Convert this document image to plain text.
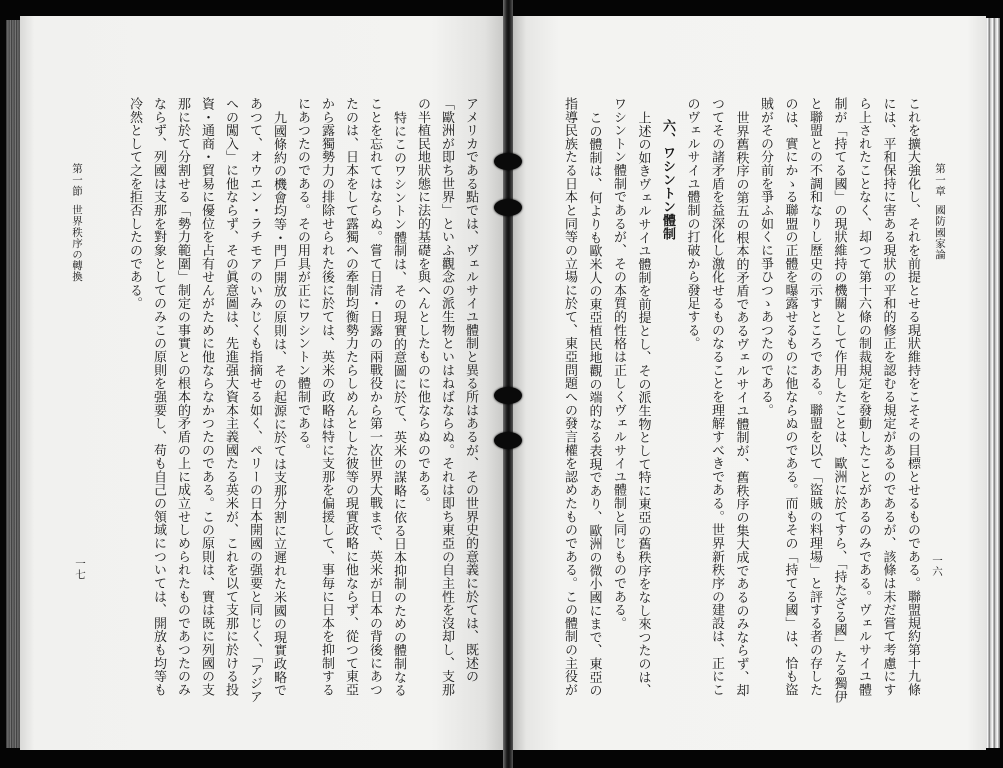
第一節世界秩序の轉換
一七	アメリカである點では、ヴェルサイユ體制と異る所はあるが、その世界史的意義に於ては、既述の
「歐洲が即ち世界」といふ觀念の派生物といはねばならぬ。それは即ち東亞の自主性を沒却し、支那
の半植民地狀態に法的基礎を與へんとしたものに他ならぬのである。
特にこのワシントン體制は、その現實的意圖に於て、英米の謀略に依る日本抑制のための體制なる
ことを忘れてはならぬ。嘗て日清・日露の兩戰役から第一次世界大戰まで、英米が日本の背後にあつ
たのは、日本をして露獨への牽制均衡勢力たらしめんとした彼等の現實政略に他ならず、從つて東亞
から露獨勢力の排除せられた後に於ては、英米の政略は特に支那を偏援して、事毎に日本を抑制する
にあつたのである。その用具が正にワシントン體制である。
九國條約の機會均等・門戶開放の原則は、その起源に於ては支那分割に立遲れた米國の現實政略で
あつて、オウエン・ラチモアのいみじくも指摘せる如く、ペリーの日本開國の强要と同じく、「アジア
への闖入」に他ならず、その眞意圖は、先進强大資本主義國たる英米が、これを以て支那に於ける投
資・通商・貿易に優位を占有せんがために他ならなかつたのである。この原則は、實は既に列國の支
那に於て分割せる「勢力範圍」制定の事實との根本的矛盾の上に成立せしめられたものであつたのみ
ならず、列國は支那を對象としてのみこの原則を强要し、苟も自己の領域については、開放も均等も
冷然として之を拒否したのである。	第一章國防國家論
一六
これを擴大強化し、それを前提とせる現狀維持をこそその目標とせるものである。聯盟規約第十九條
には、平和保持に害ある現狀の平和的修正を認むる規定があるのであるが、該條は未だ嘗て考慮にす
ら上されたことなく、却つて第十六條の制裁規定を發動したことがあるのみである。ヴェルサイユ體
制が「持てる國」の現狀維持の機關として作用したことは、歐洲に於てすら、「持たざる國」たる獨伊
と聯盟との不調和なりし歷史の示すところである。聯盟を以て「盜賊の料理場」と評する者の存した
のは、實にかゝる聯盟の正體を曝露せるものに他ならぬのである。而もその「持てる國」は、恰も盜
賊がその分前を爭ふ如くに爭ひつゝあつたのである。
世界舊秩序の第五の根本的矛盾であるヴェルサイユ體制が、舊秩序の集大成であるのみならず、却
つてその諸矛盾を益深化し激化せるものなることを理解すべきである。世界新秩序の建設は、正にこ
のヴェルサイユ體制の打破から發足する。
六、ワシントン體制
上述の如きヴェルサイユ體制を前提とし、その派生物として特に東亞の舊秩序をなし來つたのは、
ワシントン體制であるが、その本質的性格は正しくヴェルサイユ體制と同じものである。
この體制は、何よりも歐米人の東亞植民地觀の端的なる表現であり、歐洲の微小國にまで、東亞の
指導民族たる日本と同等の立場に於て、東亞問題への發言權を認めたものである。この體制の主役が
